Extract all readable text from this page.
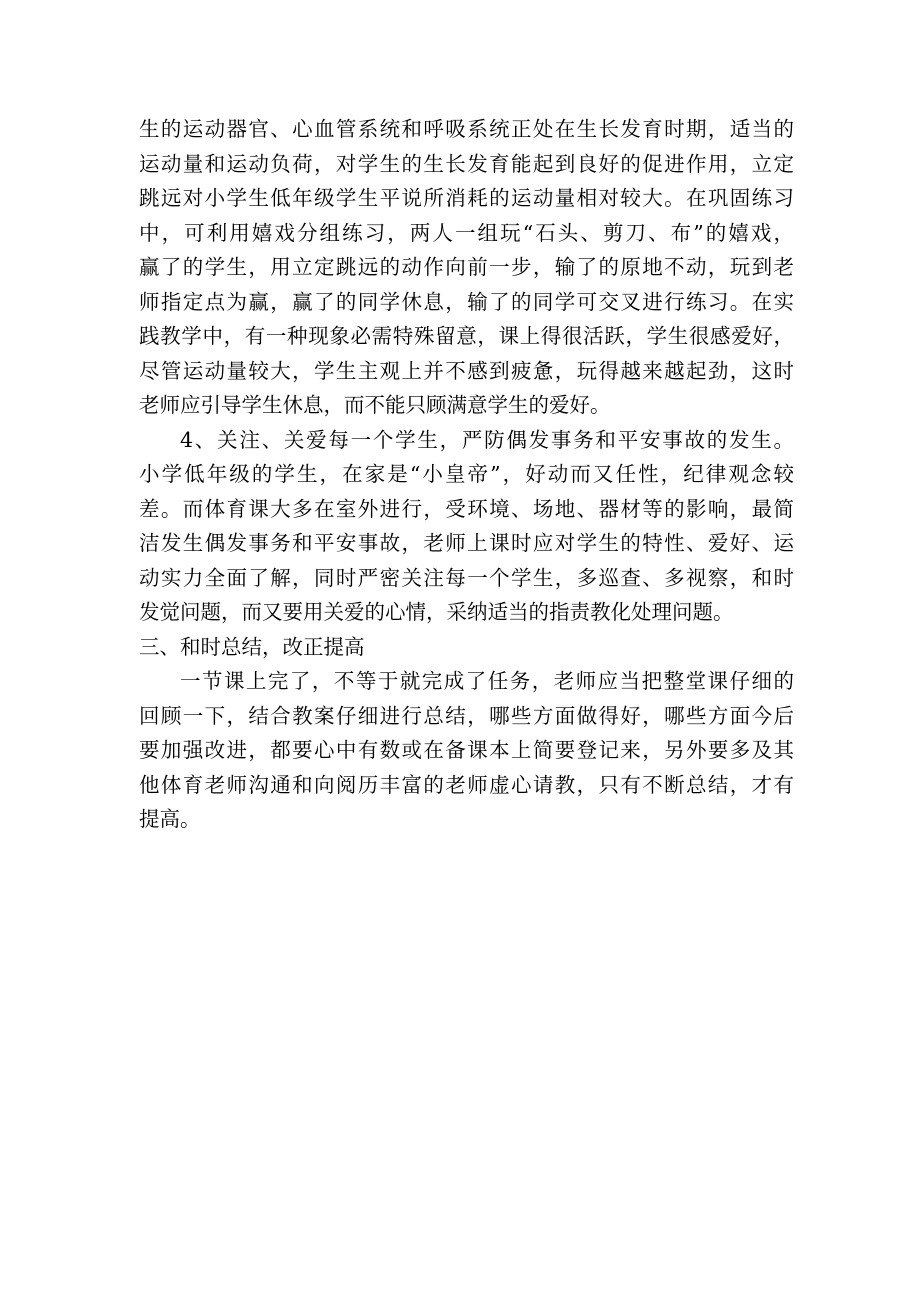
生的运动器官、心血管系统和呼吸系统正处在生长发育时期，适当的
运动量和运动负荷，对学生的生长发育能起到良好的促进作用，立定
跳远对小学生低年级学生平说所消耗的运动量相对较大。在巩固练习
中，可利用嬉戏分组练习，两人一组玩“石头、剪刀、布”的嬉戏，
赢了的学生，用立定跳远的动作向前一步，输了的原地不动，玩到老
师指定点为赢，赢了的同学休息，输了的同学可交叉进行练习。在实
践教学中，有一种现象必需特殊留意，课上得很活跃，学生很感爱好，
尽管运动量较大，学生主观上并不感到疲惫，玩得越来越起劲，这时
老师应引导学生休息，而不能只顾满意学生的爱好。
4、关注、关爱每一个学生，严防偶发事务和平安事故的发生。
小学低年级的学生，在家是“小皇帝”，好动而又任性，纪律观念较
差。而体育课大多在室外进行，受环境、场地、器材等的影响，最简
洁发生偶发事务和平安事故，老师上课时应对学生的特性、爱好、运
动实力全面了解，同时严密关注每一个学生，多巡查、多视察，和时
发觉问题，而又要用关爱的心情，采纳适当的指责教化处理问题。
三、和时总结，改正提高
一节课上完了，不等于就完成了任务，老师应当把整堂课仔细的
回顾一下，结合教案仔细进行总结，哪些方面做得好，哪些方面今后
要加强改进，都要心中有数或在备课本上简要登记来，另外要多及其
他体育老师沟通和向阅历丰富的老师虚心请教，只有不断总结，才有
提高。
